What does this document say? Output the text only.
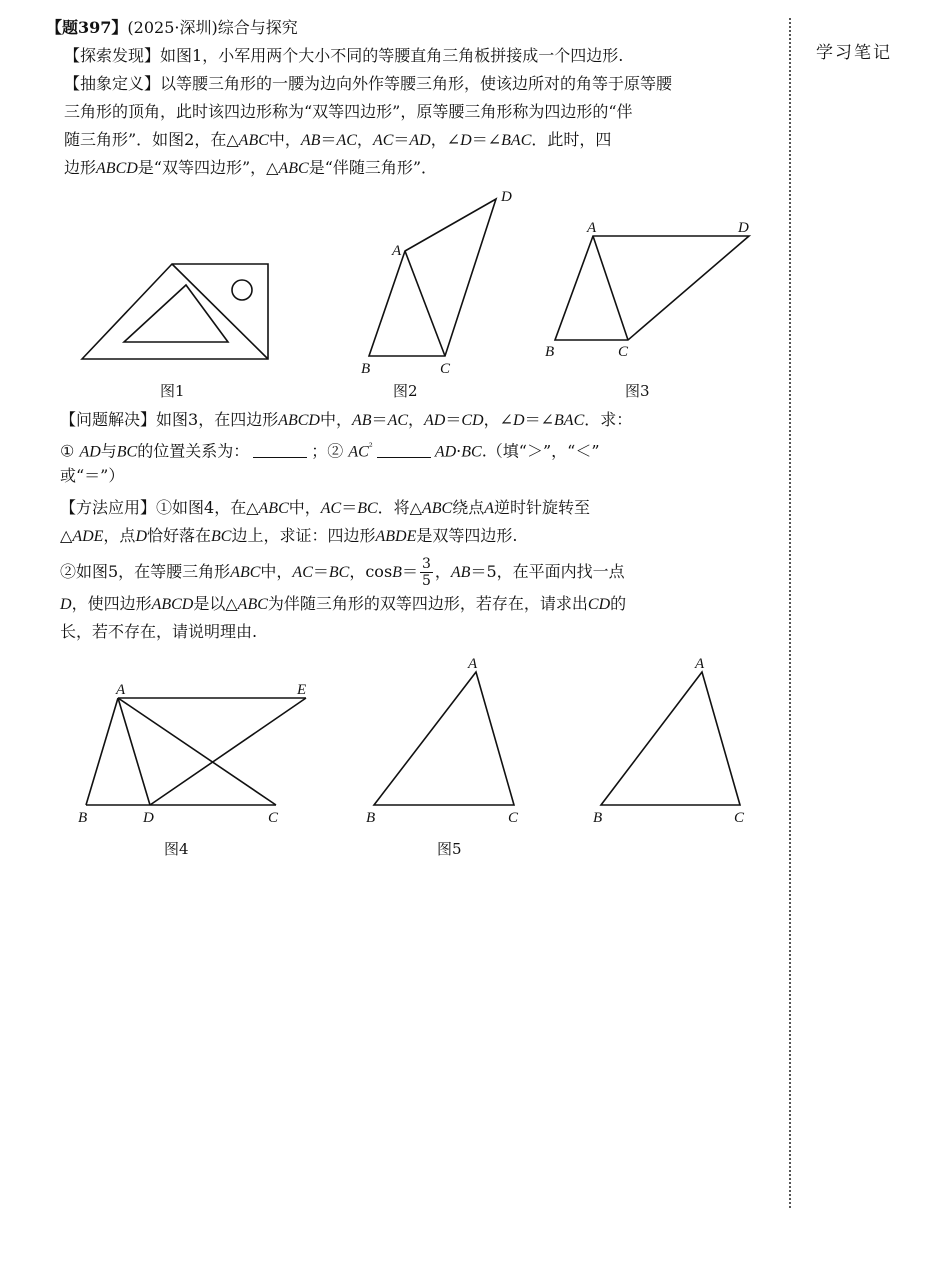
学习笔记
【题397】(2025·深圳)综合与探究
【探索发现】如图1，小军用两个大小不同的等腰直角三角板拼接成一个四边形.
【抽象定义】以等腰三角形的一腰为边向外作等腰三角形，使该边所对的角等于原等腰
三角形的顶角，此时该四边形称为“双等四边形”，原等腰三角形称为四边形的“伴
随三角形”．如图2，在△ABC中，AB＝AC，AC＝AD，∠D＝∠BAC．此时，四
边形ABCD是“双等四边形”，△ABC是“伴随三角形”．
图1
A
D
B	C
图2
A	D
B	C
图3
【问题解决】如图3，在四边形ABCD中，AB＝AC，AD＝CD，∠D＝∠BAC．求：
① AD与BC的位置关系为：	；② $AC^{^2}$	AD·BC.（填“＞”，“＜”
或“＝”）
【方法应用】①如图4，在△ABC中，AC＝BC．将△ABC绕点A逆时针旋转至
△ADE，点D恰好落在BC边上，求证：四边形ABDE是双等四边形.
②如图5，在等腰三角形ABC中，AC＝BC，$\cos B= \frac{3}{5}$ ，AB＝5，在平面内找一点
D，使四边形ABCD是以△ABC为伴随三角形的双等四边形，若存在，请求出CD的
长，若不存在，请说明理由.
A	E
B	D	C
图4
A
B	C
图5
A
B	C
